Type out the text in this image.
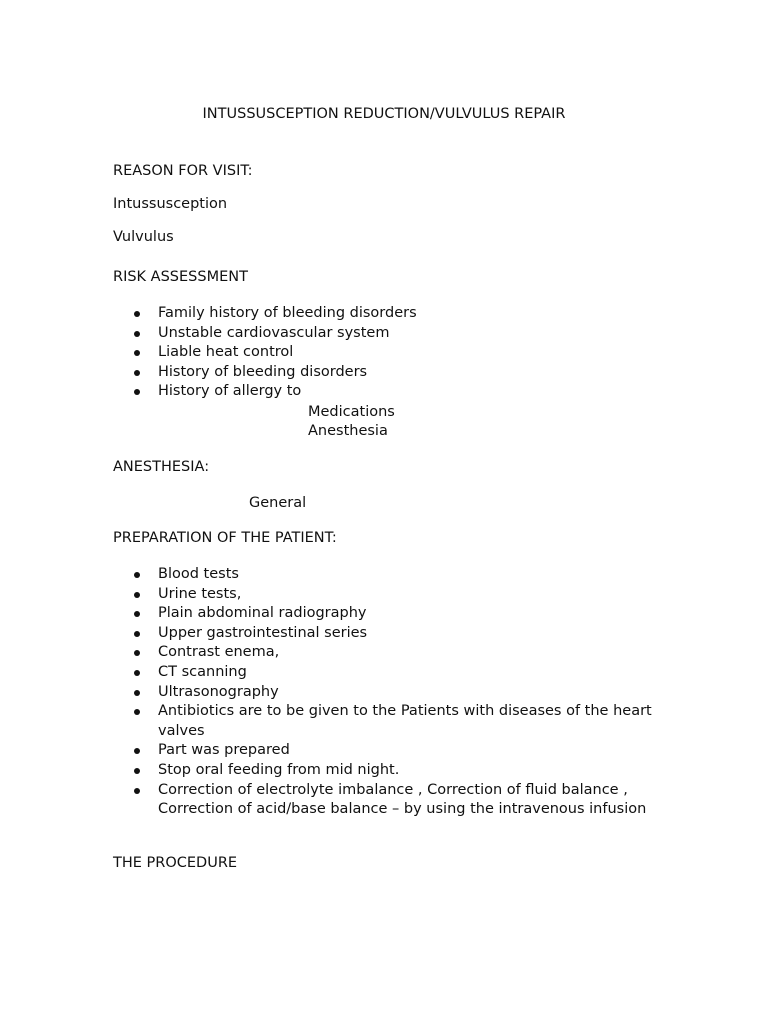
INTUSSUSCEPTION REDUCTION/VULVULUS REPAIR
REASON FOR VISIT:
Intussusception
Vulvulus
RISK ASSESSMENT
Family history of bleeding disorders
Unstable cardiovascular system
Liable heat control
History of bleeding disorders
History of allergy to
Medications
Anesthesia
ANESTHESIA:
General
PREPARATION OF THE PATIENT:
Blood tests
Urine tests,
Plain abdominal radiography
Upper gastrointestinal series
Contrast enema,
CT scanning
Ultrasonography
Antibiotics are to be given to the Patients with diseases of the heart valves
Part was prepared
Stop oral feeding from mid night.
Correction of electrolyte imbalance , Correction of fluid balance , Correction of acid/base balance – by using the intravenous infusion
THE PROCEDURE
